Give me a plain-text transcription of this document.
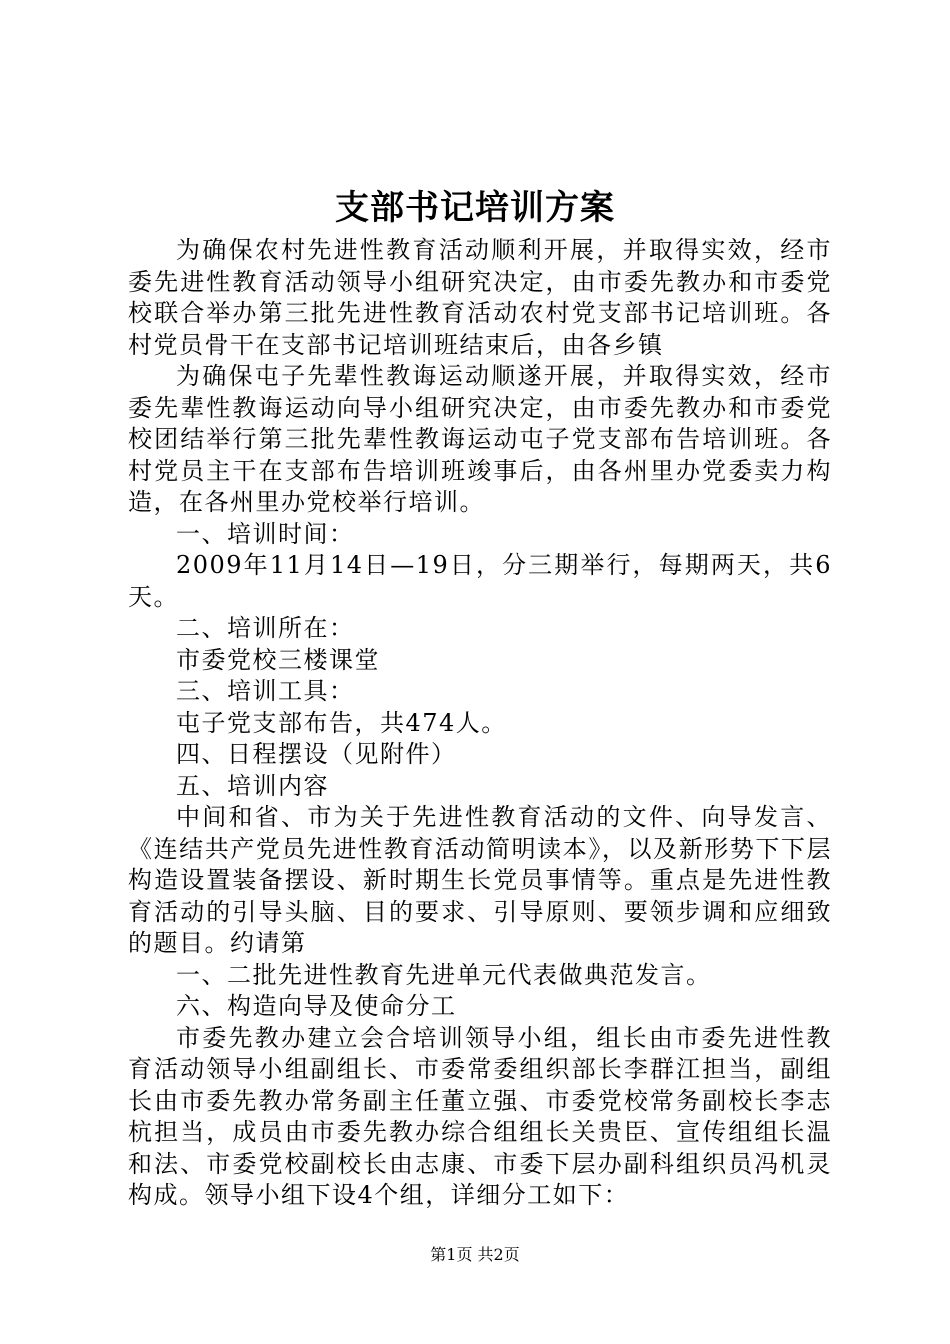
支部书记培训方案

为确保农村先进性教育活动顺利开展，并取得实效，经市委先进性教育活动领导小组研究决定，由市委先教办和市委党校联合举办第三批先进性教育活动农村党支部书记培训班。各村党员骨干在支部书记培训班结束后，由各乡镇

为确保屯子先辈性教诲运动顺遂开展，并取得实效，经市委先辈性教诲运动向导小组研究决定，由市委先教办和市委党校团结举行第三批先辈性教诲运动屯子党支部布告培训班。各村党员主干在支部布告培训班竣事后，由各州里办党委卖力构造，在各州里办党校举行培训。

一、培训时间：

2009年11月14日—19日，分三期举行，每期两天，共6天。

二、培训所在：

市委党校三楼课堂

三、培训工具：

屯子党支部布告，共474人。

四、日程摆设（见附件）

五、培训内容

中间和省、市为关于先进性教育活动的文件、向导发言、《连结共产党员先进性教育活动简明读本》，以及新形势下下层构造设置装备摆设、新时期生长党员事情等。重点是先进性教育活动的引导头脑、目的要求、引导原则、要领步调和应细致的题目。约请第

一、二批先进性教育先进单元代表做典范发言。

六、构造向导及使命分工

市委先教办建立会合培训领导小组，组长由市委先进性教育活动领导小组副组长、市委常委组织部长李群江担当，副组长由市委先教办常务副主任董立强、市委党校常务副校长李志杭担当，成员由市委先教办综合组组长关贵臣、宣传组组长温和法、市委党校副校长由志康、市委下层办副科组织员冯机灵构成。领导小组下设4个组，详细分工如下：

第1页 共2页
